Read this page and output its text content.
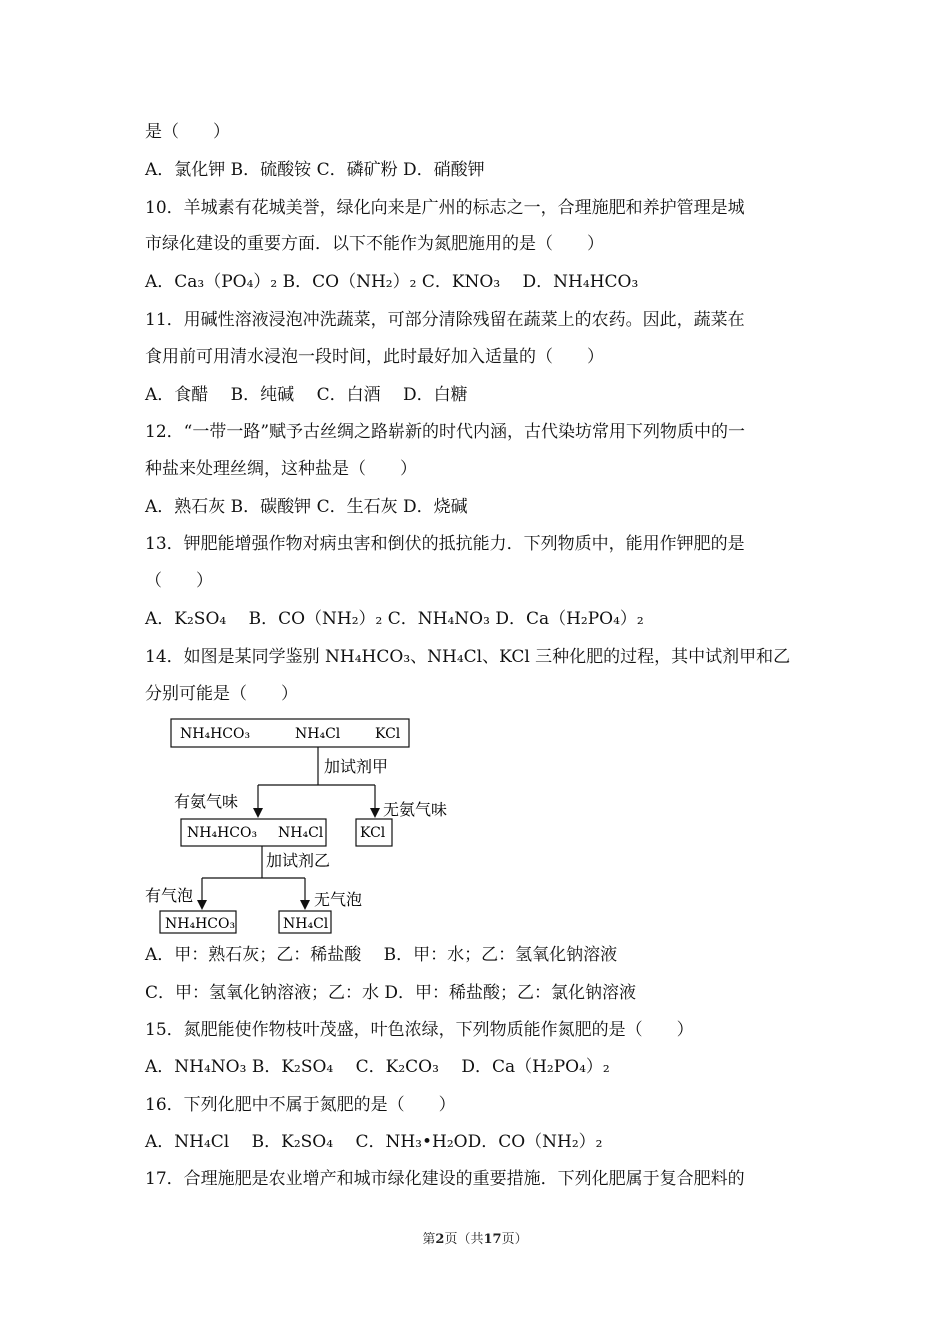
是（　　）
A．氯化钾 B．硫酸铵 C．磷矿粉 D．硝酸钾
10．羊城素有花城美誉，绿化向来是广州的标志之一，合理施肥和养护管理是城
市绿化建设的重要方面．以下不能作为氮肥施用的是（　　）
A．Ca₃（PO₄）₂ B．CO（NH₂）₂ C．KNO₃　 D．NH₄HCO₃
11．用碱性溶液浸泡冲洗蔬菜，可部分清除残留在蔬菜上的农药。因此，蔬菜在
食用前可用清水浸泡一段时间，此时最好加入适量的（　　）
A．食醋　 B．纯碱　 C．白酒　 D．白糖
12．“一带一路”赋予古丝绸之路崭新的时代内涵，古代染坊常用下列物质中的一
种盐来处理丝绸，这种盐是（　　）
A．熟石灰 B．碳酸钾 C．生石灰 D．烧碱
13．钾肥能增强作物对病虫害和倒伏的抵抗能力．下列物质中，能用作钾肥的是
（　　）
A．K₂SO₄　 B．CO（NH₂）₂ C．NH₄NO₃ D．Ca（H₂PO₄）₂
14．如图是某同学鉴别 NH₄HCO₃、NH₄Cl、KCl 三种化肥的过程，其中试剂甲和乙
分别可能是（　　）
NH₄HCO₃	NH₄Cl KCl
加试剂甲
有氨气味	无氨气味
NH₄HCO₃ NH₄Cl	KCl
加试剂乙
有气泡	无气泡
NH₄HCO₃	NH₄Cl
A．甲：熟石灰；乙：稀盐酸　 B．甲：水；乙：氢氧化钠溶液
C．甲：氢氧化钠溶液；乙：水 D．甲：稀盐酸；乙：氯化钠溶液
15．氮肥能使作物枝叶茂盛，叶色浓绿，下列物质能作氮肥的是（　　）
A．NH₄NO₃ B．K₂SO₄　 C．K₂CO₃　 D．Ca（H₂PO₄）₂
16．下列化肥中不属于氮肥的是（　　）
A．NH₄Cl　 B．K₂SO₄　 C．NH₃•H₂OD．CO（NH₂）₂
17．合理施肥是农业增产和城市绿化建设的重要措施．下列化肥属于复合肥料的
第2页（共17页）
